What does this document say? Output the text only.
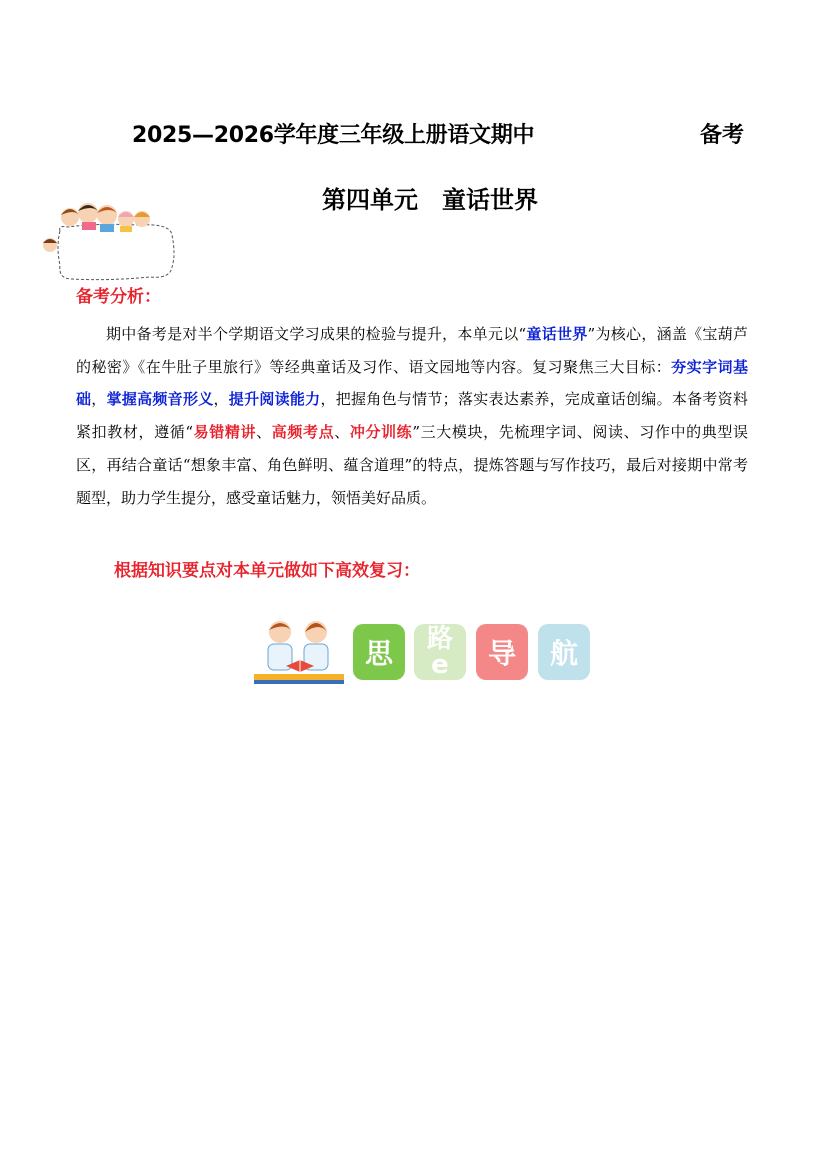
2025—2026学年度三年级上册语文期中	备考
第四单元　童话世界
备考分析：
期中备考是对半个学期语文学习成果的检验与提升，本单元以“童话世界”为核心，涵盖《宝葫芦的秘密》《在牛肚子里旅行》等经典童话及习作、语文园地等内容。复习聚焦三大目标：夯实字词基础，掌握高频音形义，提升阅读能力，把握角色与情节；落实表达素养，完成童话创编。本备考资料紧扣教材，遵循“易错精讲、高频考点、冲分训练”三大模块，先梳理字词、阅读、习作中的典型误区，再结合童话“想象丰富、角色鲜明、蕴含道理”的特点，提炼答题与写作技巧，最后对接期中常考题型，助力学生提分，感受童话魅力，领悟美好品质。
根据知识要点对本单元做如下高效复习：
思	路
e	导	航
